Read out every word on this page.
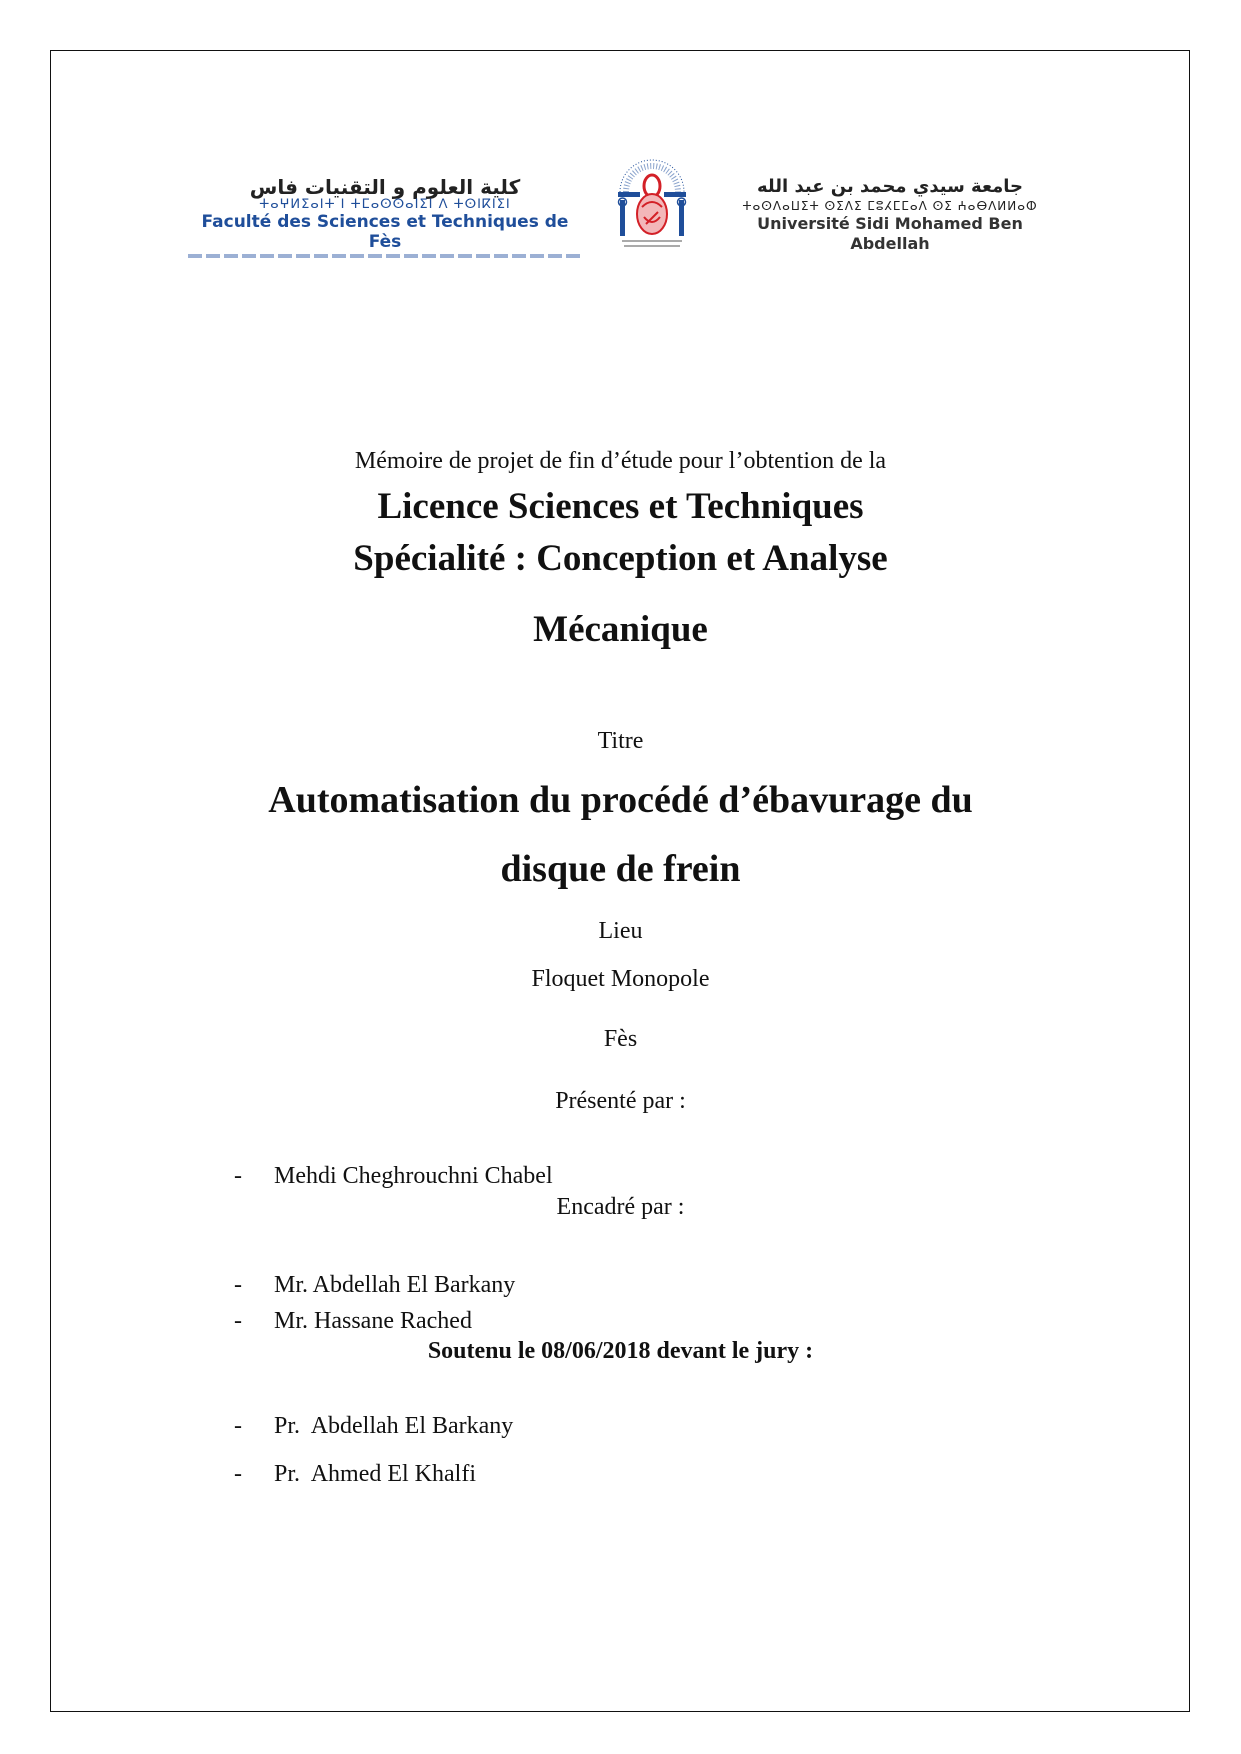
كلية العلوم و التقنيات فاس
ⵜⴰⵖⵍⵉⴰⵏⵜ ⵏ ⵜⵎⴰⵙⵙⴰⵏⵉⵏ ⴷ ⵜⵙⵏⴽⵏⵉⵏ
Faculté des Sciences et Techniques de Fès
جامعة سيدي محمد بن عبد الله
ⵜⴰⵙⴷⴰⵡⵉⵜ ⵙⵉⴷⵉ ⵎⵓⵃⵎⵎⴰⴷ ⵙⵉ ⵄⴰⴱⴷⵍⵍⴰⵀ
Université Sidi Mohamed Ben Abdellah
Mémoire de projet de fin d’étude pour l’obtention de la
Licence Sciences et Techniques
Spécialité : Conception et Analyse
Mécanique
Titre
Automatisation du procédé d’ébavurage du
disque de frein
Lieu
Floquet Monopole
Fès
Présenté par :

- Mehdi Cheghrouchni Chabel

Encadré par :

- Mr. Abdellah El Barkany

- Mr. Hassane Rached

Soutenu le 08/06/2018 devant le jury :

- Pr.  Abdellah El Barkany

- Pr.  Ahmed El Khalfi
